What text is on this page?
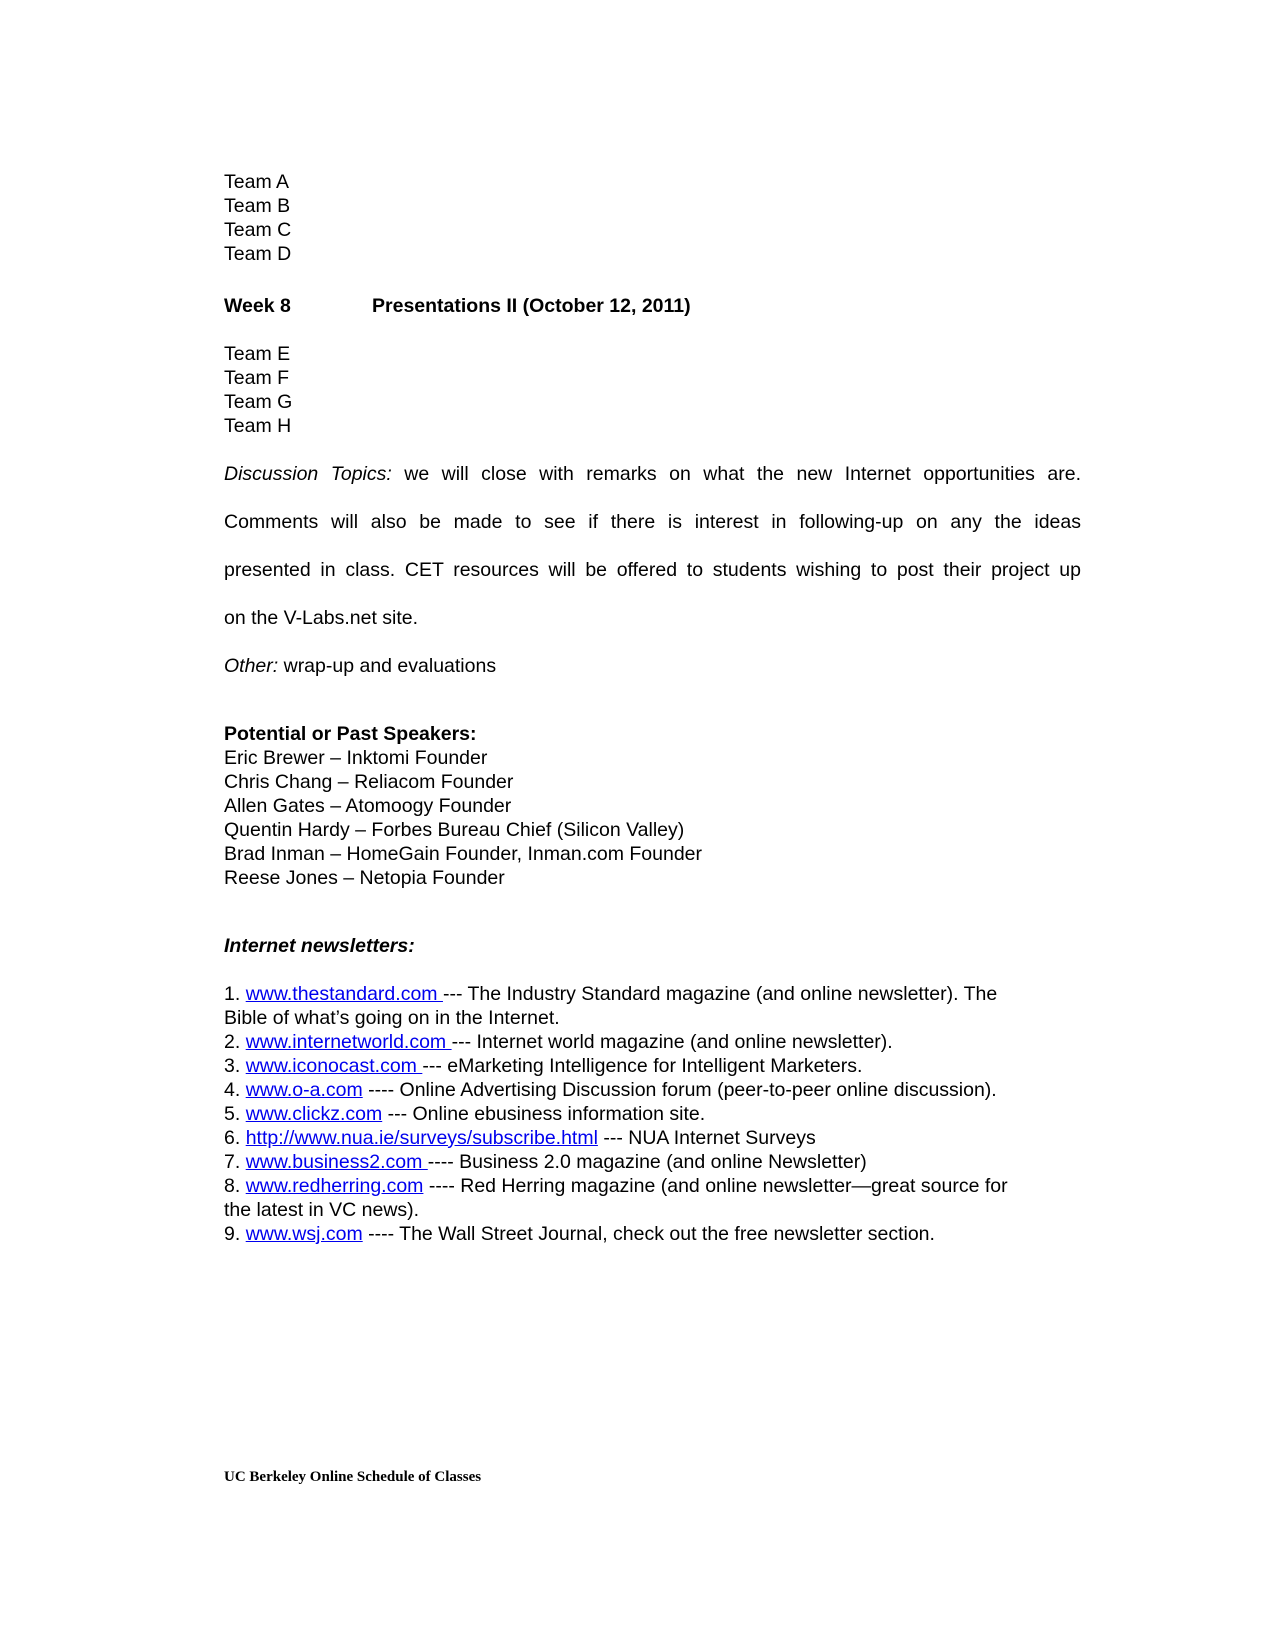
Team A
Team B
Team C
Team D
Week 8	Presentations II (October 12, 2011)
Team E
Team F
Team G
Team H
Discussion Topics: we will close with remarks on what the new Internet opportunities are.
Comments will also be made to see if there is interest in following-up on any the ideas
presented in class. CET resources will be offered to students wishing to post their project up
on the V-Labs.net site.
Other: wrap-up and evaluations
Potential or Past Speakers:
Eric Brewer – Inktomi Founder
Chris Chang – Reliacom Founder
Allen Gates – Atomoogy Founder
Quentin Hardy – Forbes Bureau Chief (Silicon Valley)
Brad Inman – HomeGain Founder, Inman.com Founder
Reese Jones – Netopia Founder
Internet newsletters:
1. www.thestandard.com --- The Industry Standard magazine (and online newsletter). The
Bible of what’s going on in the Internet.
2. www.internetworld.com --- Internet world magazine (and online newsletter).
3. www.iconocast.com --- eMarketing Intelligence for Intelligent Marketers.
4. www.o-a.com ---- Online Advertising Discussion forum (peer-to-peer online discussion).
5. www.clickz.com --- Online ebusiness information site.
6. http://www.nua.ie/surveys/subscribe.html --- NUA Internet Surveys
7. www.business2.com ---- Business 2.0 magazine (and online Newsletter)
8. www.redherring.com ---- Red Herring magazine (and online newsletter—great source for
the latest in VC news).
9. www.wsj.com ---- The Wall Street Journal, check out the free newsletter section.
UC Berkeley Online Schedule of Classes
